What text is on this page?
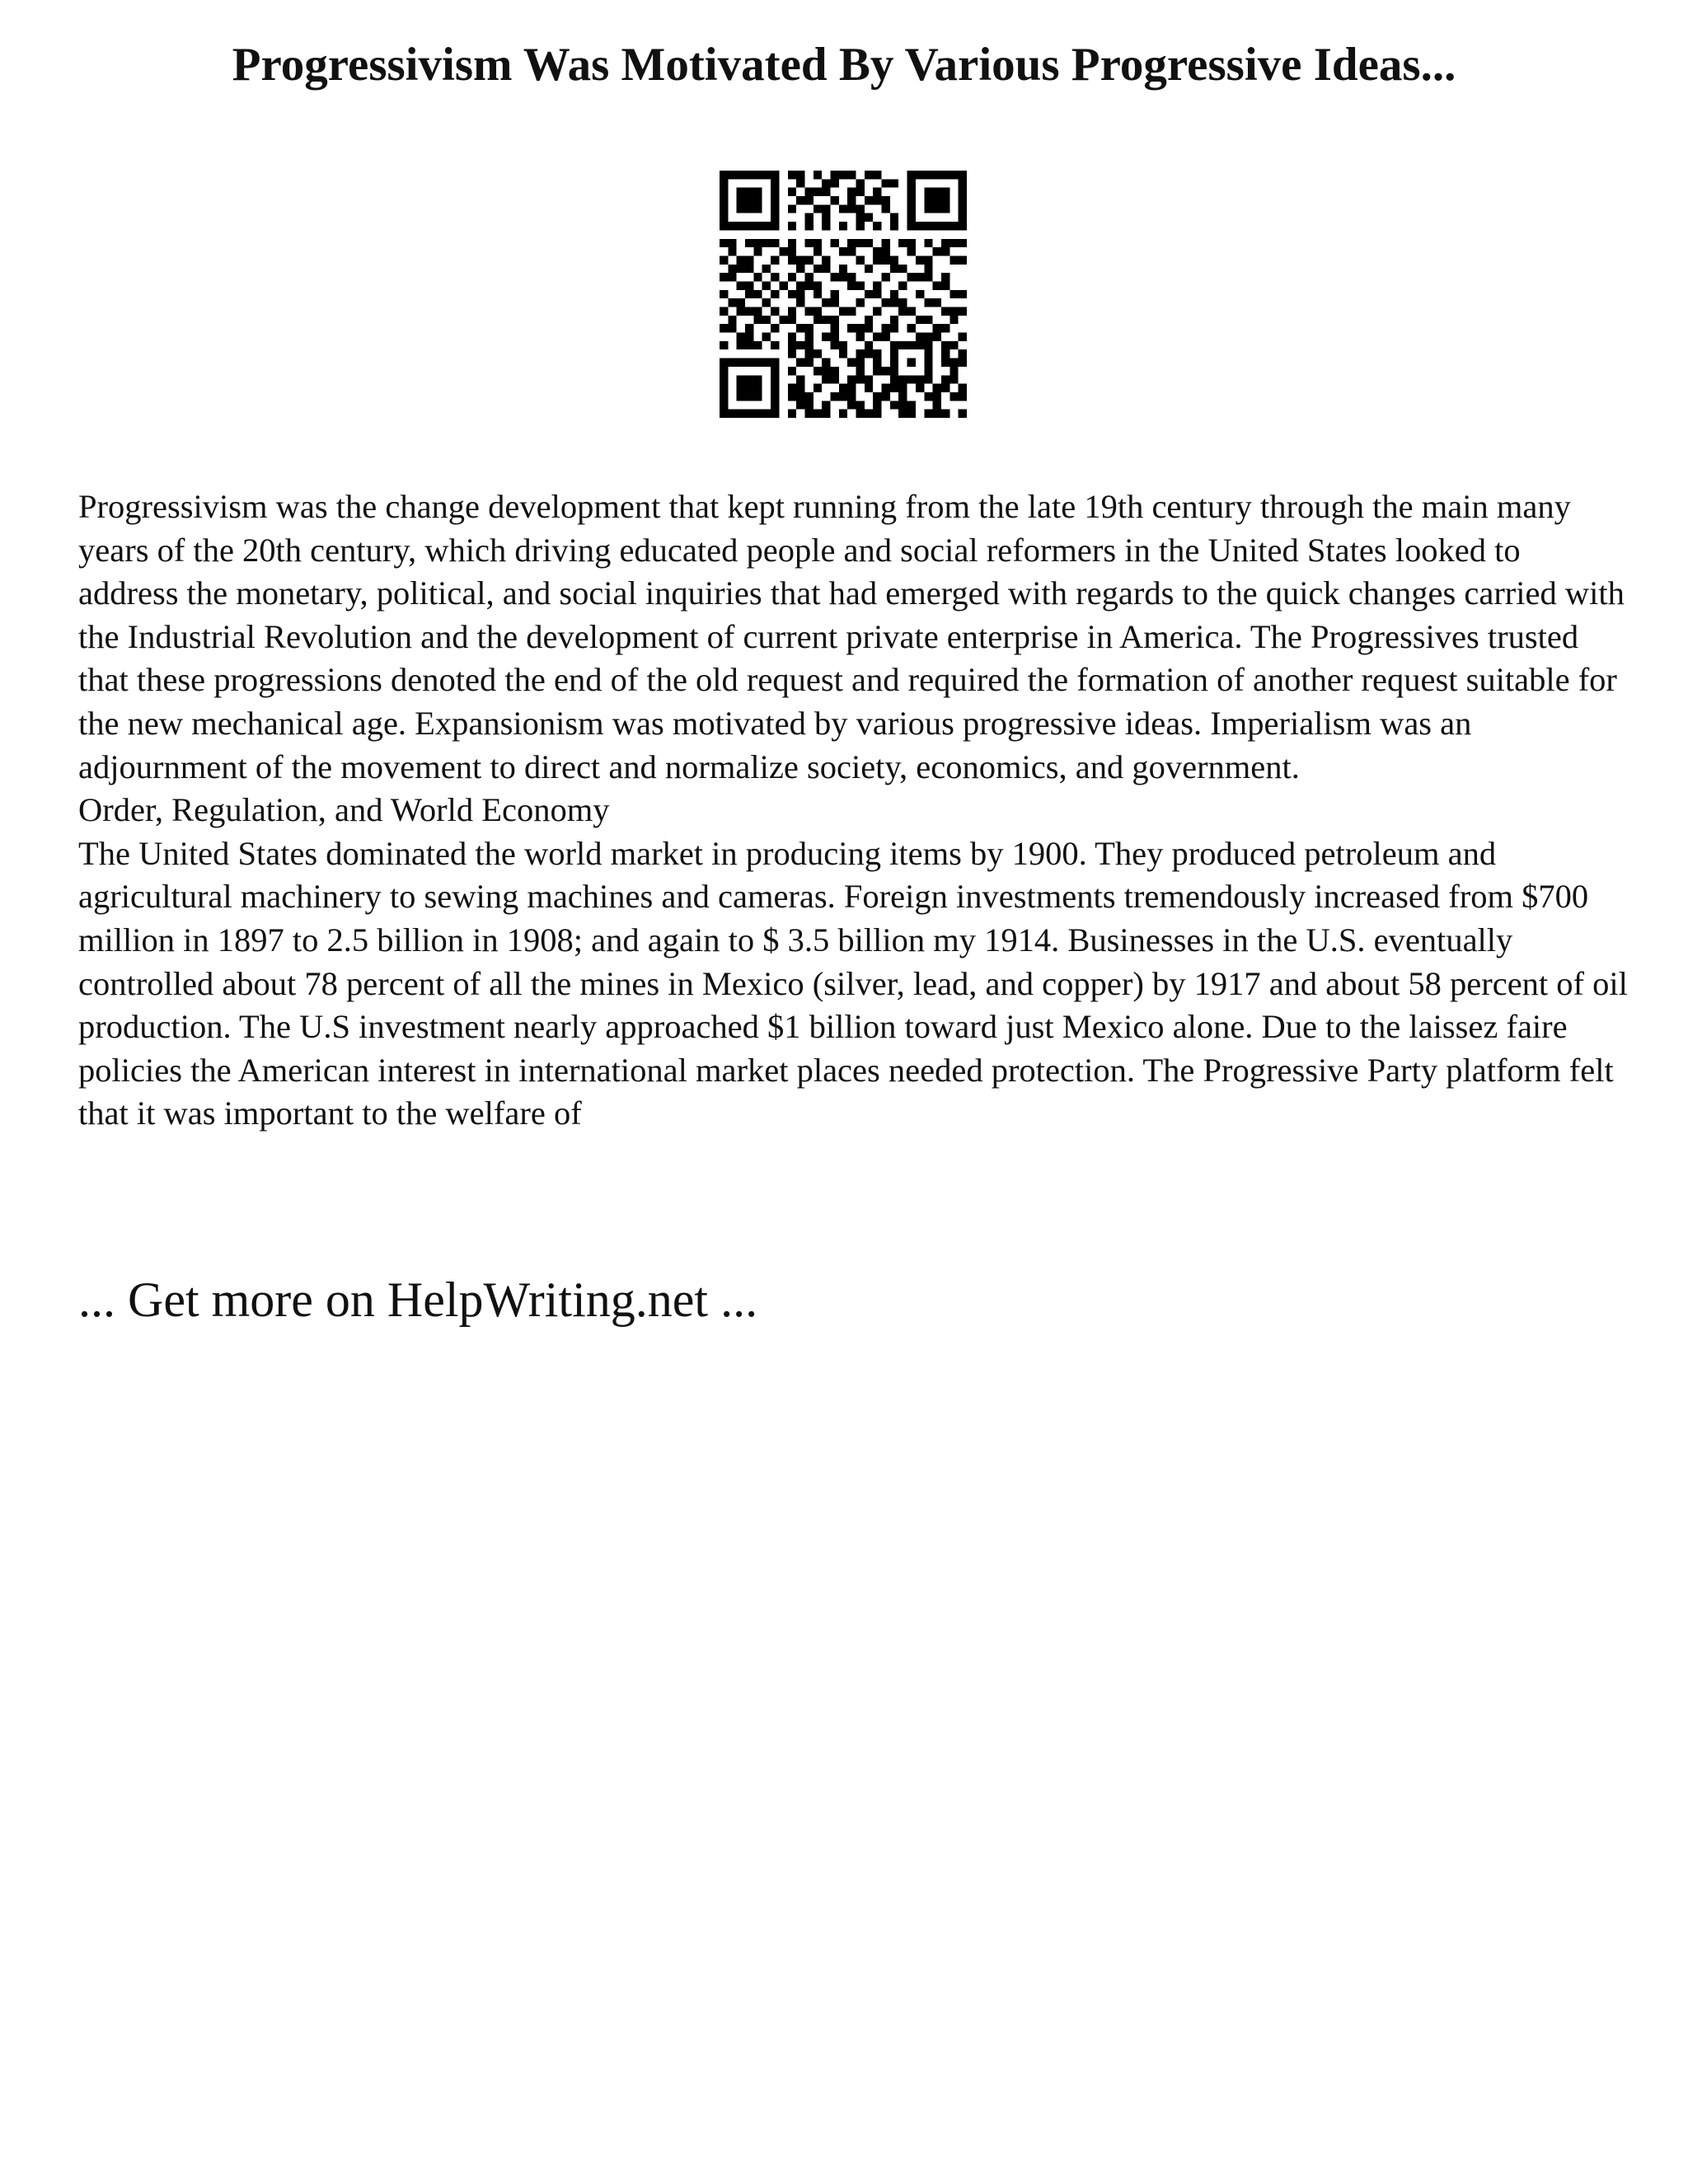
Progressivism Was Motivated By Various Progressive Ideas...

Progressivism was the change development that kept running from the late 19th century through the main many years of the 20th century, which driving educated people and social reformers in the United States looked to address the monetary, political, and social inquiries that had emerged with regards to the quick changes carried with the Industrial Revolution and the development of current private enterprise in America. The Progressives trusted that these progressions denoted the end of the old request and required the formation of another request suitable for the new mechanical age. Expansionism was motivated by various progressive ideas. Imperialism was an adjournment of the movement to direct and normalize society, economics, and government.

Order, Regulation, and World Economy

The United States dominated the world market in producing items by 1900. They produced petroleum and agricultural machinery to sewing machines and cameras. Foreign investments tremendously increased from $700 million in 1897 to 2.5 billion in 1908; and again to $ 3.5 billion my 1914. Businesses in the U.S. eventually controlled about 78 percent of all the mines in Mexico (silver, lead, and copper) by 1917 and about 58 percent of oil production. The U.S investment nearly approached $1 billion toward just Mexico alone. Due to the laissez faire policies the American interest in international market places needed protection. The Progressive Party platform felt that it was important to the welfare of

... Get more on HelpWriting.net ...
